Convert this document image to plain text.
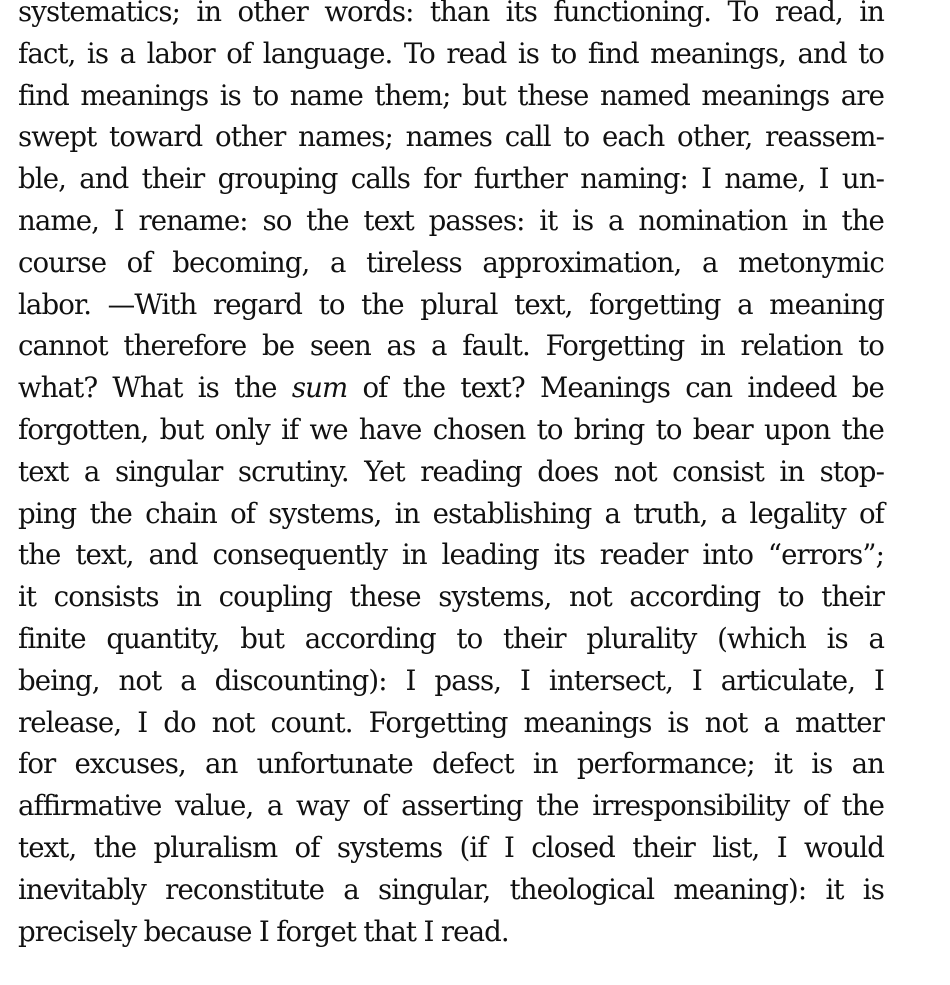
systematics; in other words: than its functioning. To read, in
fact, is a labor of language. To read is to find meanings, and to
find meanings is to name them; but these named meanings are
swept toward other names; names call to each other, reassem-
ble, and their grouping calls for further naming: I name, I un-
name, I rename: so the text passes: it is a nomination in the
course of becoming, a tireless approximation, a metonymic
labor. —With regard to the plural text, forgetting a meaning
cannot therefore be seen as a fault. Forgetting in relation to
what? What is the sum of the text? Meanings can indeed be
forgotten, but only if we have chosen to bring to bear upon the
text a singular scrutiny. Yet reading does not consist in stop-
ping the chain of systems, in establishing a truth, a legality of
the text, and consequently in leading its reader into “errors”;
it consists in coupling these systems, not according to their
finite quantity, but according to their plurality (which is a
being, not a discounting): I pass, I intersect, I articulate, I
release, I do not count. Forgetting meanings is not a matter
for excuses, an unfortunate defect in performance; it is an
affirmative value, a way of asserting the irresponsibility of the
text, the pluralism of systems (if I closed their list, I would
inevitably reconstitute a singular, theological meaning): it is
precisely because I forget that I read.
